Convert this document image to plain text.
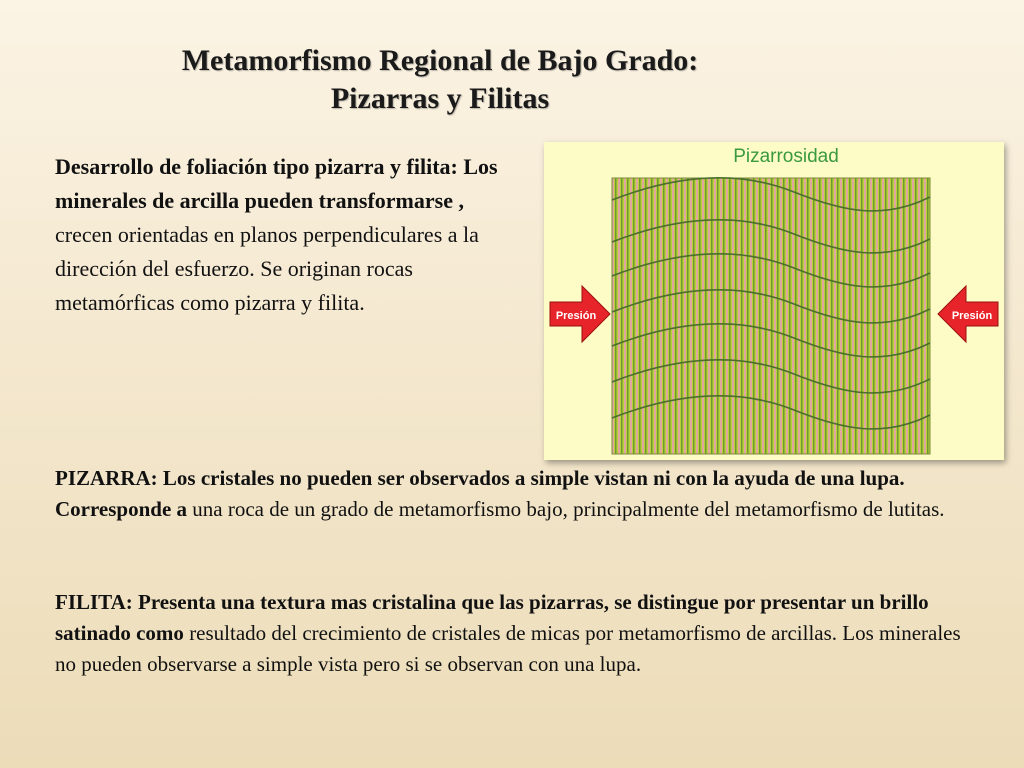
Metamorfismo Regional de Bajo Grado:
Pizarras y Filitas
Desarrollo de foliación tipo pizarra y filita: Los minerales de arcilla pueden transformarse , crecen orientadas en planos perpendiculares a la dirección del esfuerzo. Se originan rocas metamórficas como pizarra y filita.
Pizarrosidad
Presión	Presión
PIZARRA: Los cristales no pueden ser observados a simple vistan ni con la ayuda de una lupa. Corresponde a una roca de un grado de metamorfismo bajo, principalmente del metamorfismo de lutitas.
FILITA: Presenta una textura mas cristalina que las pizarras, se distingue por presentar un brillo satinado como resultado del crecimiento de cristales de micas por metamorfismo de arcillas. Los minerales no pueden observarse a simple vista pero si se observan con una lupa.
